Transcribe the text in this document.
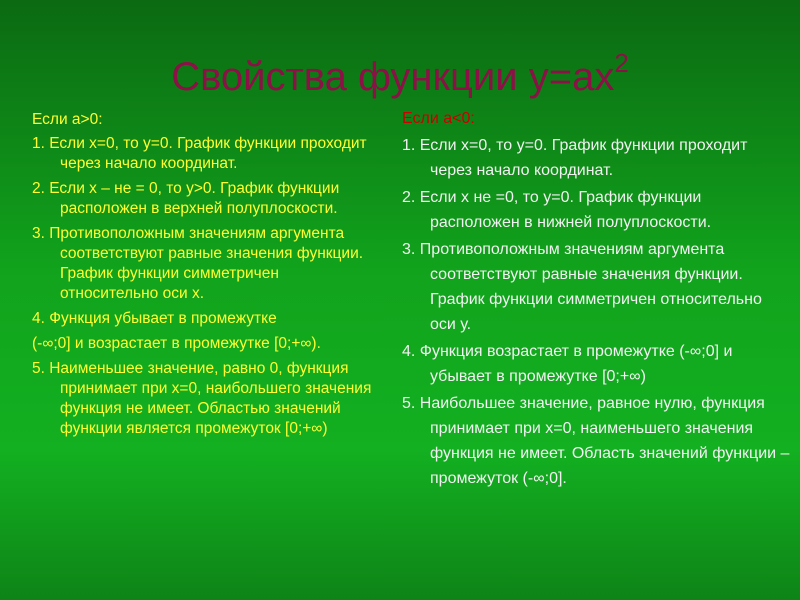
Свойства функции $у=ах^2$
Если а>0:
1. Если х=0, то у=0. График функции проходит через начало координат.
2. Если х – не = 0, то у>0. График функции расположен в верхней полуплоскости.
3. Противоположным значениям аргумента соответствуют равные значения функции. График функции симметричен относительно оси х.
4. Функция убывает в промежутке
(-∞;0] и возрастает в промежутке [0;+∞).
5. Наименьшее значение, равно 0, функция принимает при х=0, наибольшего значения функция не имеет. Областью значений функции является промежуток [0;+∞)
Если а<0:
1. Если х=0, то у=0. График функции проходит через начало координат.
2. Если х не =0, то у=0. График функции расположен в нижней полуплоскости.
3. Противоположным значениям аргумента соответствуют равные значения функции. График функции симметричен относительно оси у.
4. Функция возрастает в промежутке (-∞;0] и убывает в промежутке [0;+∞)
5. Наибольшее значение, равное нулю, функция принимает при х=0, наименьшего значения функция не имеет. Область значений функции – промежуток (-∞;0].
